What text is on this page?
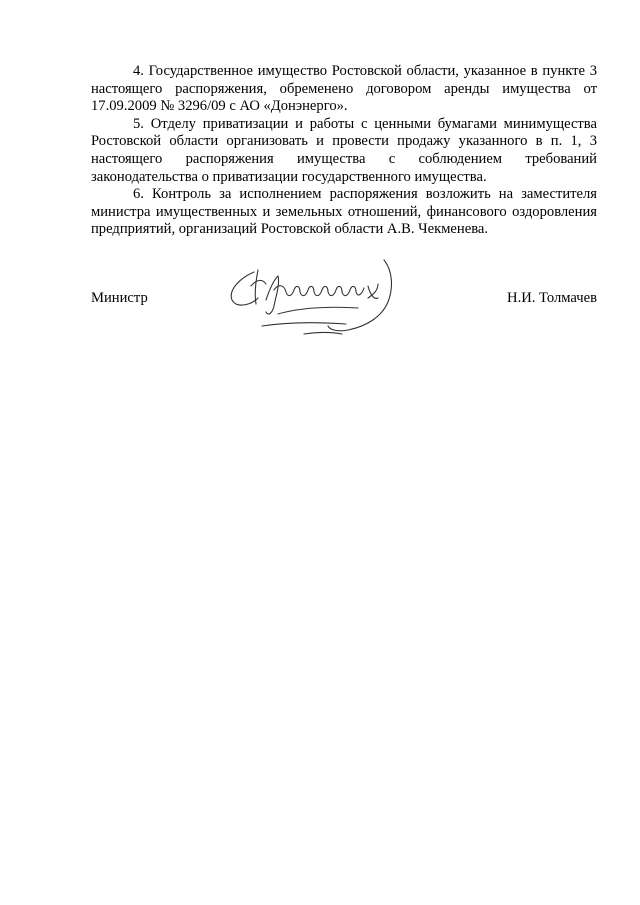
4. Государственное имущество Ростовской области, указанное в пункте 3 настоящего распоряжения, обременено договором аренды имущества от 17.09.2009 № 3296/09 с АО «Донэнерго».

5. Отделу приватизации и работы с ценными бумагами минимущества Ростовской области организовать и провести продажу указанного в п. 1, 3 настоящего распоряжения имущества с соблюдением требований законодательства о приватизации государственного имущества.

6. Контроль за исполнением распоряжения возложить на заместителя министра имущественных и земельных отношений, финансового оздоровления предприятий, организаций Ростовской области А.В. Чекменева.

Министр	Н.И. Толмачев
